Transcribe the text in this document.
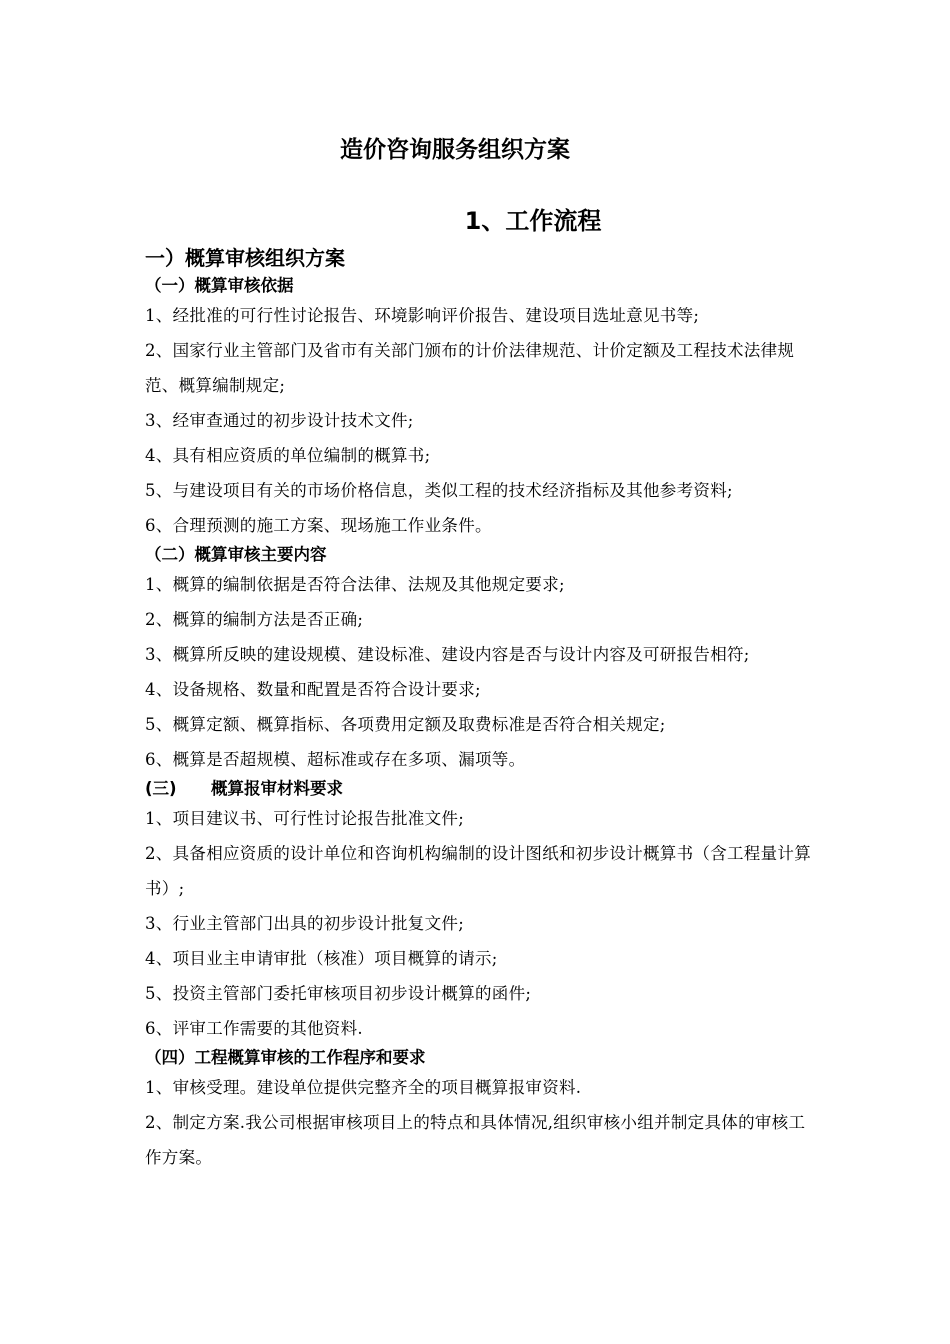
造价咨询服务组织方案
1、工作流程
一）概算审核组织方案
（一）概算审核依据
1、经批准的可行性讨论报告、环境影响评价报告、建设项目选址意见书等;
2、国家行业主管部门及省市有关部门颁布的计价法律规范、计价定额及工程技术法律规范、概算编制规定;
3、经审查通过的初步设计技术文件;
4、具有相应资质的单位编制的概算书;
5、与建设项目有关的市场价格信息，类似工程的技术经济指标及其他参考资料;
6、合理预测的施工方案、现场施工作业条件。
（二）概算审核主要内容
1、概算的编制依据是否符合法律、法规及其他规定要求;
2、概算的编制方法是否正确;
3、概算所反映的建设规模、建设标准、建设内容是否与设计内容及可研报告相符;
4、设备规格、数量和配置是否符合设计要求;
5、概算定额、概算指标、各项费用定额及取费标准是否符合相关规定;
6、概算是否超规模、超标准或存在多项、漏项等。
(三)      概算报审材料要求
1、项目建议书、可行性讨论报告批准文件;
2、具备相应资质的设计单位和咨询机构编制的设计图纸和初步设计概算书（含工程量计算书）;
3、行业主管部门出具的初步设计批复文件;
4、项目业主申请审批（核准）项目概算的请示;
5、投资主管部门委托审核项目初步设计概算的函件;
6、评审工作需要的其他资料.
（四）工程概算审核的工作程序和要求
1、审核受理。建设单位提供完整齐全的项目概算报审资料.
2、制定方案.我公司根据审核项目上的特点和具体情况,组织审核小组并制定具体的审核工作方案。
